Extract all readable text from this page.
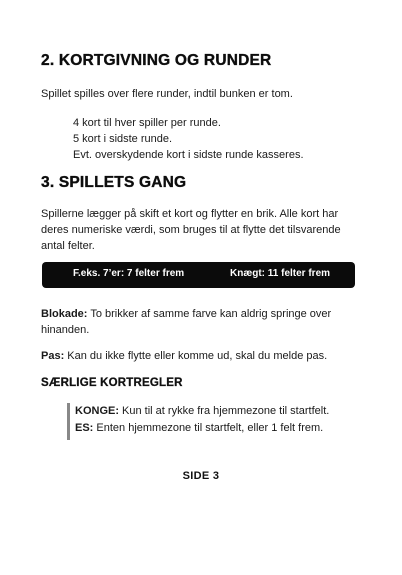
2. KORTGIVNING OG RUNDER
Spillet spilles over flere runder, indtil bunken er tom.
4 kort til hver spiller per runde.
5 kort i sidste runde.
Evt. overskydende kort i sidste runde kasseres.
3. SPILLETS GANG
Spillerne lægger på skift et kort og flytter en brik. Alle kort har deres numeriske værdi, som bruges til at flytte det tilsvarende antal felter.
F.eks. 7’er: 7 felter frem	Knægt: 11 felter frem
Blokade: To brikker af samme farve kan aldrig springe over hinanden.
Pas: Kan du ikke flytte eller komme ud, skal du melde pas.
SÆRLIGE KORTREGLER
KONGE: Kun til at rykke fra hjemmezone til startfelt.
ES: Enten hjemmezone til startfelt, eller 1 felt frem.
SIDE 3
